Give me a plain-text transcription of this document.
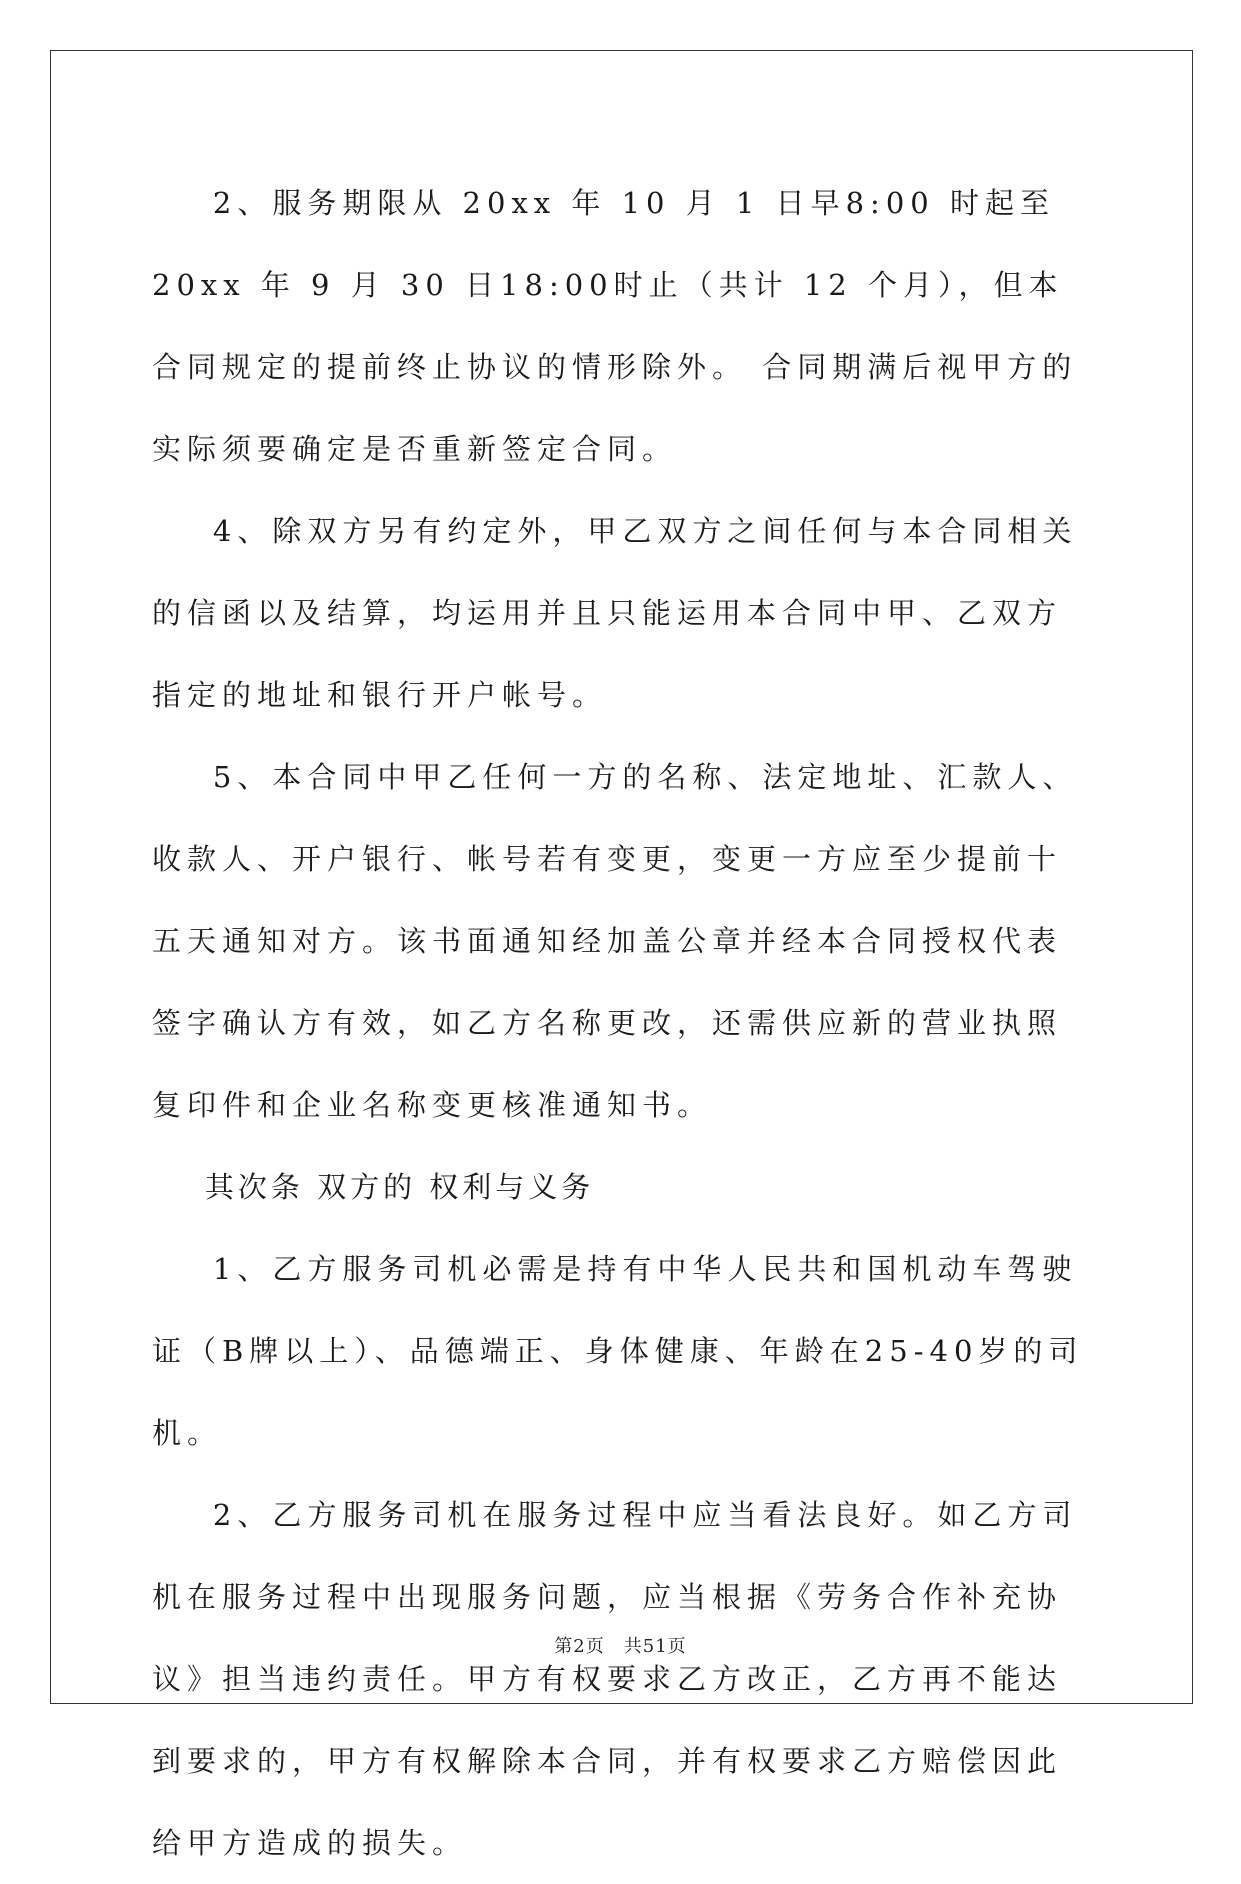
2、服务期限从 20xx 年 10 月 1 日早8:00 时起至 20xx 年 9 月 30 日18:00时止（共计 12 个月），但本合同规定的提前终止协议的情形除外。 合同期满后视甲方的实际须要确定是否重新签定合同。

4、除双方另有约定外，甲乙双方之间任何与本合同相关的信函以及结算，均运用并且只能运用本合同中甲、乙双方指定的地址和银行开户帐号。

5、本合同中甲乙任何一方的名称、法定地址、汇款人、收款人、开户银行、帐号若有变更，变更一方应至少提前十五天通知对方。该书面通知经加盖公章并经本合同授权代表签字确认方有效，如乙方名称更改，还需供应新的营业执照复印件和企业名称变更核准通知书。

其次条 双方的 权利与义务

1、乙方服务司机必需是持有中华人民共和国机动车驾驶证（B牌以上）、品德端正、身体健康、年龄在25-40岁的司机。

2、乙方服务司机在服务过程中应当看法良好。如乙方司机在服务过程中出现服务问题，应当根据《劳务合作补充协议》担当违约责任。甲方有权要求乙方改正，乙方再不能达到要求的，甲方有权解除本合同，并有权要求乙方赔偿因此给甲方造成的损失。

第2页　共51页
